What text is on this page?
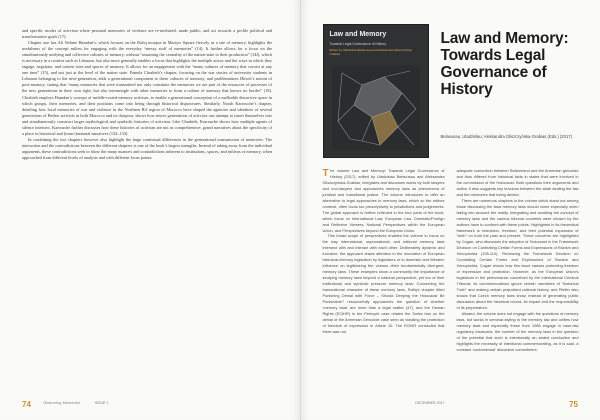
and specific modes of activism where personal memories of violence are re-mediated, made public, and act towards a profile political and transformative goals (17).

Chapter one has Ali Nehme Hamdan’s, which focuses on the Rafiq mosque in Martyrs Square fiercely as a site of memory, highlights the usefulness of the concept milieu for engaging with the everyday “messy stuff of memories” (14). It further allows for a focus on the simultaneously unifying and collective cultures of memory, without “assuming the centrality of the nation-state to their production” (14f), which is necessary in a context such as Lebanon, but also more generally enables a focus that highlights the multiple actors and the ways in which they engage, negotiate, and contest sites and spaces of memory. It allows for an engagement with the “many cultures of memory that coexist at any one time” (15), and not just at the level of the nation state. Pamela Chrabieh’s chapter, focusing on the war stories of university students in Lebanon belonging to the next-generation, adds a generational component to these cultures of memory, and problematizes Hirsch’s notion of post-memory, stating that “many memories that were transmitted not only constitute the memories we are part of the resources of processes of the new generations in their own right, but also intermingle with other memories to form a culture of memory that knows no border” (18). Chrabieh employs Hamdan’s concept of middle-rooted memory activism, to enable a generational conception of a malleable discursive space in which groups, their memories, and their positions come into being through historical disjunctures. Similarly, Norah Karrouche’s chapter, detailing how local memories of war and violence in the Northern Rif region of Morocco have shaped the agencies and identities of several generations of Berber activists in both Morocco and its diaspora, shows how newer generations of activists can attempt to insert themselves into and simultaneously construct larger mythological and symbolic histories of activism. Like Chrabieh, Karrouche shows how multiple agents of silence intersect. Karrouche further discusses how these histories of activism are not as comprehensive, grand narratives about the specificity of a place in historical and (trans-)national narratives (132–133).

In combining the two chapters however also highlight the large contextual differences in the generational transmission of memories. The interaction and the contradictions between the different chapters is one of the book’s largest strengths. Instead of taking away from the individual arguments, these contradictions seek to show the many nuances and contradictions inherent to institutions, spaces, and milieus of memory, when approached from different levels of analysis and with different focus points.

74	Observing Memories	ISSUE 1
Law and Memory
Towards Legal Governance of History
Edited by Uladzislau Belavusau and Aleksandra Gliszczyńska-Grabias
Law and Memory: Towards Legal Governance of History
Belavusau, Uladzislau; Aleksandra Gliszczyńska-Grabias (Eds.) (2017)

The volume Law and Memory: Towards Legal Governance of History (2017), edited by Uladzislau Belavusau and Aleksandra Gliszczyńska-Grabias, integrates and discusses works by both lawyers and non-lawyers and approaches memory laws as phenomena of juridical and transitional justice. The volume introduces to offer an alternative to legal approaches to memory laws, which so the editors contend, often focus too prescriptively to jurisdictions and judgements. The global approach is further reflected in the four parts of the book, which focus on International Law, European Law, Domestic/Foreign and Reflexive Viewers, National Perspectives within the European Union, and Perspectives beyond the European Union.

This broad scope of perspectives enables the volume to focus on the way international, supranational, and national memory laws intersect with and interact with each other. Deliberately dynamic and inclusive, the approach draws attention to the innovation of European historical-memory legislation by legislators or to domestic and Western influence on legitimizing the various often fundamentally divergent, memory laws. These examples show a community the importance of studying memory laws beyond a national perspective; yet too of their institutional and symbolic pressure memory laws. Concerning the transnational character of these memory laws, Rafiq’s chapter titled Punishing Denial with Force – Should Denying the Holocaust Be Punishable? resourcefully approaches the question of whether ‘memory laws’ are more than a legal matter (47), and the Human Rights (ECtHR) in the Perinçek case relates the Swiss ban on the denial of the Armenian Genocide case seen as violating the protection of freedom of expression in Article 10. The ECtHR concluded that there was not

adequate connection between Switzerland and the Armenian genocide and thus differed from historical facts in states that were involved in the commission of the Holocaust. Both questions their arguments and author it also suggests key tensions between the state dealing the law and the memories that being denied.

There are numerous chapters in the volume which stand out among those discussing the laws memory laws should come especially when taking into account the reality. Integrating and avoiding the concept of memory laws and the various tribunal countries were chosen by the authors have to confront with these points. Highlighted in its theoretical framework is restriction, freedom, and their potential expansion of “truth” on both the past and present. These concerns are highlighted by Cogan, who discusses the adoption of Holocaust in the Framework Decision on Combating Certain Forms and Expressions of Racism and Xenophobia (105-110). Reviewing the Framework Decision on Combating Certain Forms and Expressions of Racism and Xenophobia, Cogan shows how this issue causes protecting freedom of expression and protection. However, as the European Union’s legislators in the performance conceived by the International Criminal Tribunal, its commemorations ignore certain narratives of “historical Truth” and making certain prejudiced national history, and Pfeifer also shows that Czech memory laws show, instead of generating public discussion about the historical record, its impact and the responsibility of its perpetrators.

Alluded, the volume does not engage with the questions of memory laws, but works in seminar-styling to the memory law and unifies how memory laws and especially those from 1965 engage in case-law regulatory measures; the number of the memory laws in the question of the potential that such is intentionally an stated conduction and highlights the necessity of intentional commemorating, as it is said, a constant ‘controversial’ discursive commitment.

DECEMBER 2017	75
